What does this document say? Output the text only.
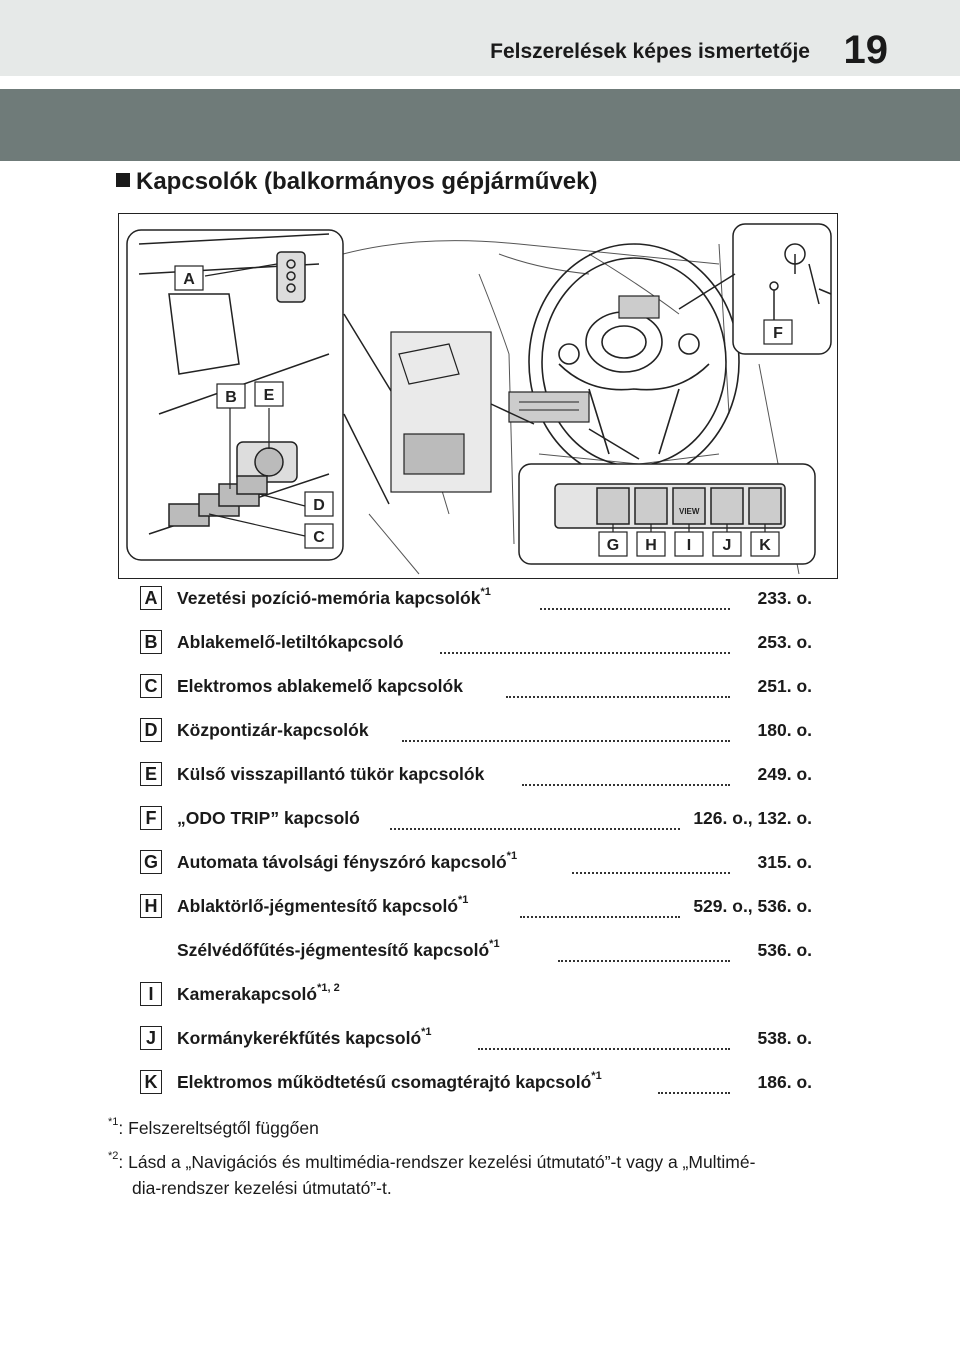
Felszerelések képes ismertetője 19
Kapcsolók (balkormányos gépjárművek)
VIEW
A
B E
D
C
F
G H I J K
A Vezetési pozíció-memória kapcsolók$^{*1}$	233. o.
B Ablakemelő-letiltókapcsoló	253. o.
C Elektromos ablakemelő kapcsolók	251. o.
D Központizár-kapcsolók	180. o.
E Külső visszapillantó tükör kapcsolók	249. o.
F	„ODO TRIP” kapcsoló	126. o., 132. o.
G Automata távolsági fényszóró kapcsoló$^{*1}$	315. o.
H Ablaktörlő-jégmentesítő kapcsoló$^{*1}$	529. o., 536. o.
Szélvédőfűtés-jégmentesítő kapcsoló$^{*1}$	536. o.
I	Kamerakapcsoló$^{*1, 2}$
J	Kormánykerékfűtés kapcsoló$^{*1}$	538. o.
K Elektromos működtetésű csomagtérajtó kapcsoló$^{*1}$	186. o.
$^{*1}$: Felszereltségtől függően
$^{*2}$: Lásd a „Navigációs és multimédia-rendszer kezelési útmutató”-t vagy a „Multimé-
dia-rendszer kezelési útmutató”-t.
